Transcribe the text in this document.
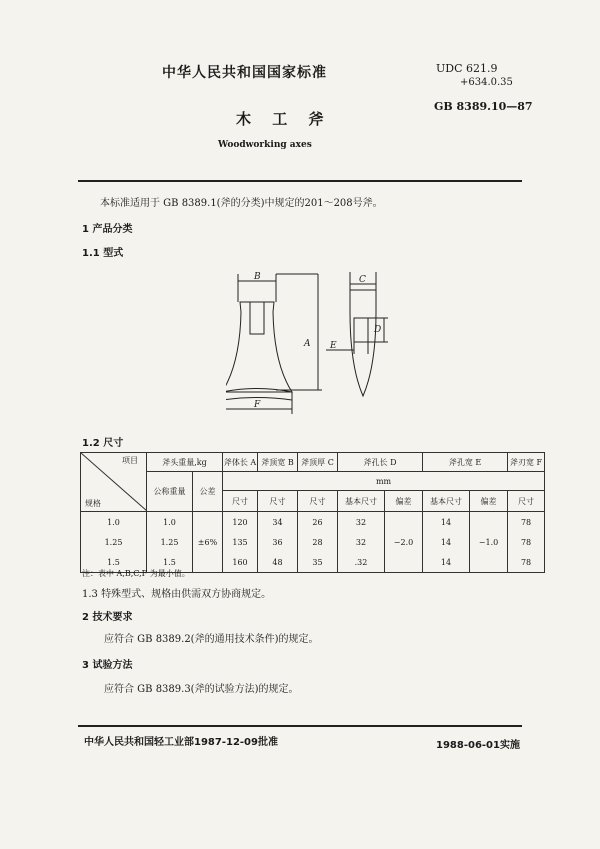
中华人民共和国国家标准	UDC 621.9
+634.0.35
GB 8389.10—87
木 工 斧
Woodworking axes
本标准适用于 GB 8389.1(斧的分类)中规定的201～208号斧。
1 产品分类
1.1 型式
B
A
F
C
D
E
1.2 尺寸
项目
规格	斧头重量,kg		斧体长 A	斧顶宽 B	斧顶厚 C	斧孔长 D		斧孔宽 E		斧刃宽 F
	公称重量	公差	mm							
			尺寸	尺寸	尺寸	基本尺寸	偏差	基本尺寸	偏差	尺寸
1.0	1.0	±6%	120	34	26	32	−2.0	14	−1.0	78
1.25	1.25		135	36	28	32		14		78
1.5	1.5		160	48	35	.32		14		78
注：表中 A,B,C,F 为最小值。
1.3 特殊型式、规格由供需双方协商规定。
2 技术要求
应符合 GB 8389.2(斧的通用技术条件)的规定。
3 试验方法
应符合 GB 8389.3(斧的试验方法)的规定。
中华人民共和国轻工业部1987-12-09批准	1988-06-01实施
